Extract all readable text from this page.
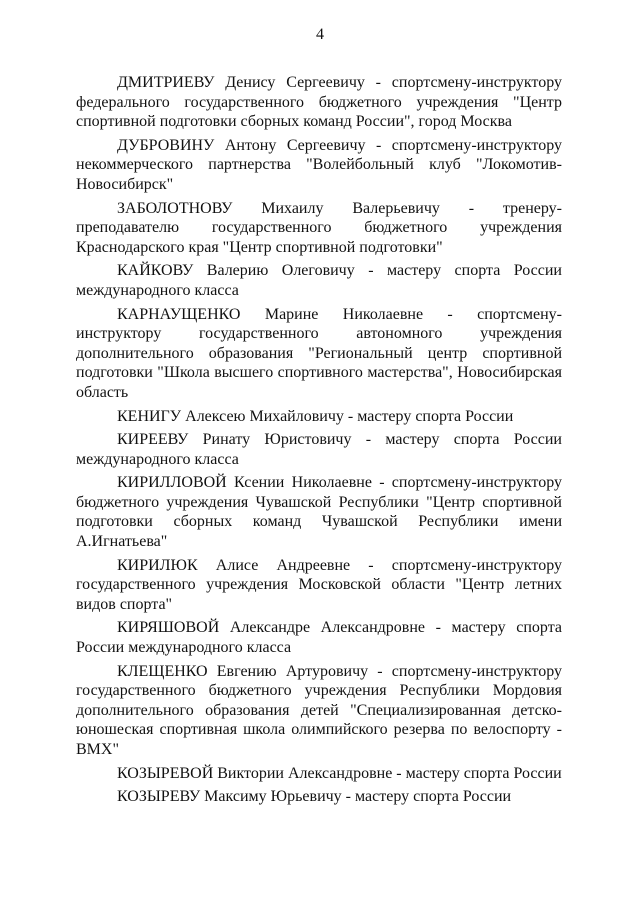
4

ДМИТРИЕВУ Денису Сергеевичу - спортсмену-инструктору федерального государственного бюджетного учреждения "Центр спортивной подготовки сборных команд России", город Москва

ДУБРОВИНУ Антону Сергеевичу - спортсмену-инструктору некоммерческого партнерства "Волейбольный клуб "Локомотив-Новосибирск"

ЗАБОЛОТНОВУ Михаилу Валерьевичу - тренеру-преподавателю государственного бюджетного учреждения Краснодарского края "Центр спортивной подготовки"

КАЙКОВУ Валерию Олеговичу - мастеру спорта России международного класса

КАРНАУЩЕНКО Марине Николаевне - спортсмену-инструктору государственного автономного учреждения дополнительного образования "Региональный центр спортивной подготовки "Школа высшего спортивного мастерства", Новосибирская область

КЕНИГУ Алексею Михайловичу - мастеру спорта России

КИРЕЕВУ Ринату Юристовичу - мастеру спорта России международного класса

КИРИЛЛОВОЙ Ксении Николаевне - спортсмену-инструктору бюджетного учреждения Чувашской Республики "Центр спортивной подготовки сборных команд Чувашской Республики имени А.Игнатьева"

КИРИЛЮК Алисе Андреевне - спортсмену-инструктору государственного учреждения Московской области "Центр летних видов спорта"

КИРЯШОВОЙ Александре Александровне - мастеру спорта России международного класса

КЛЕЩЕНКО Евгению Артуровичу - спортсмену-инструктору государственного бюджетного учреждения Республики Мордовия дополнительного образования детей "Специализированная детско-юношеская спортивная школа олимпийского резерва по велоспорту - ВМХ"

КОЗЫРЕВОЙ Виктории Александровне - мастеру спорта России

КОЗЫРЕВУ Максиму Юрьевичу - мастеру спорта России
